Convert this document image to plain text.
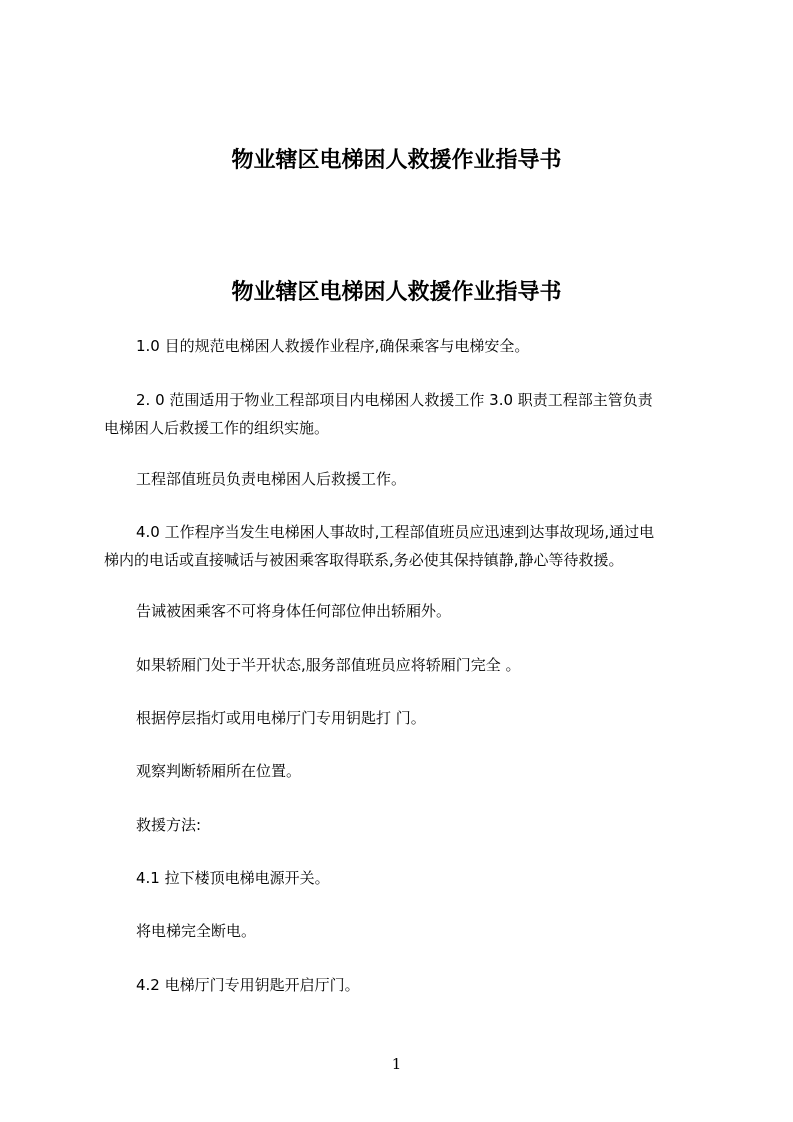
物业辖区电梯困人救援作业指导书
物业辖区电梯困人救援作业指导书

1.0 目的规范电梯困人救援作业程序,确保乘客与电梯安全。

2. 0 范围适用于物业工程部项目内电梯困人救援工作 3.0 职责工程部主管负责
电梯困人后救援工作的组织实施。

工程部值班员负责电梯困人后救援工作。

4.0 工作程序当发生电梯困人事故时,工程部值班员应迅速到达事故现场,通过电
梯内的电话或直接喊话与被困乘客取得联系,务必使其保持镇静,静心等待救援。

告诫被困乘客不可将身体任何部位伸出轿厢外。

如果轿厢门处于半开状态,服务部值班员应将轿厢门完全 。

根据停层指灯或用电梯厅门专用钥匙打 门。

观察判断轿厢所在位置。

救援方法:

4.1 拉下楼顶电梯电源开关。

将电梯完全断电。

4.2 电梯厅门专用钥匙开启厅门。

1
